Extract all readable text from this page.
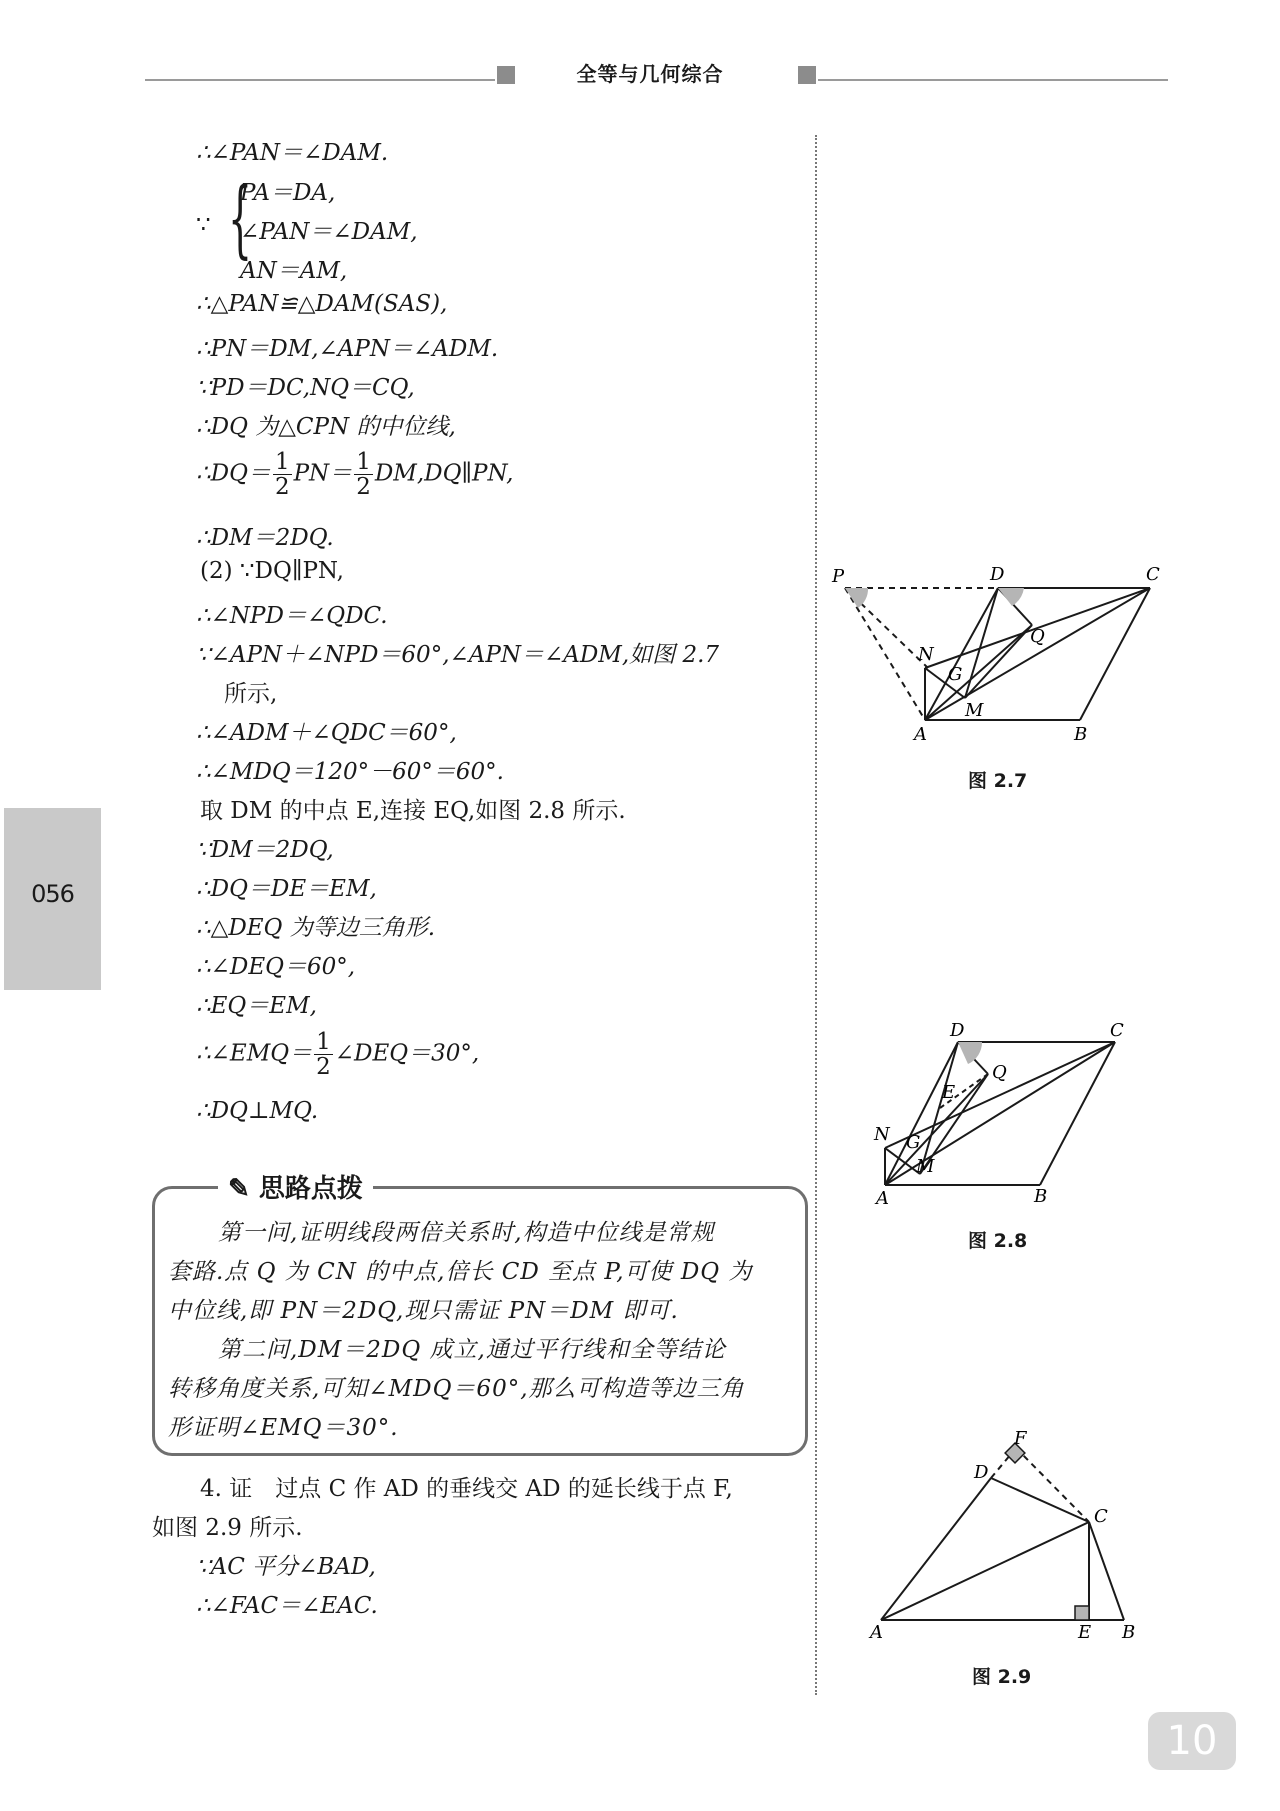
全等与几何综合
056
∴∠PAN＝∠DAM.
∵ {
PA＝DA,
∠PAN＝∠DAM,
AN＝AM,
∴△PAN≌△DAM(SAS),
∴PN＝DM,∠APN＝∠ADM.
∵PD＝DC,NQ＝CQ,
∴DQ 为△CPN 的中位线,
∴DQ＝ $\frac{1}{2} PN= \frac{1}{2}$ DM,DQ∥PN,
∴DM＝2DQ.
(2) ∵DQ∥PN,
∴∠NPD＝∠QDC.
∵∠APN＋∠NPD＝60°,∠APN＝∠ADM,如图 2.7
所示,
∴∠ADM＋∠QDC＝60°,
∴∠MDQ＝120°－60°＝60°.
取 DM 的中点 E,连接 EQ,如图 2.8 所示.
∵DM＝2DQ,
∴DQ＝DE＝EM,
∴△DEQ 为等边三角形.
∴∠DEQ＝60°,
∴EQ＝EM,
∴∠EMQ＝ $\frac{1}{2}$ ∠DEQ＝30°,
∴DQ⊥MQ.
✎ 思路点拨
第一问,证明线段两倍关系时,构造中位线是常规
套路.点 Q 为 CN 的中点,倍长 CD 至点 P,可使 DQ 为
中位线,即 PN＝2DQ,现只需证 PN＝DM 即可.
第二问,DM＝2DQ 成立,通过平行线和全等结论
转移角度关系,可知∠MDQ＝60°,那么可构造等边三角
形证明∠EMQ＝30°.
4. 证　过点 C 作 AD 的垂线交 AD 的延长线于点 F,
如图 2.9 所示.
∵AC 平分∠BAD,
∴∠FAC＝∠EAC.
P	D	C
N
Q
G
M
A	B
图 2.7
D	C
Q
E
N G
M
A	B
图 2.8
F
D
C
A	E B
图 2.9
10
